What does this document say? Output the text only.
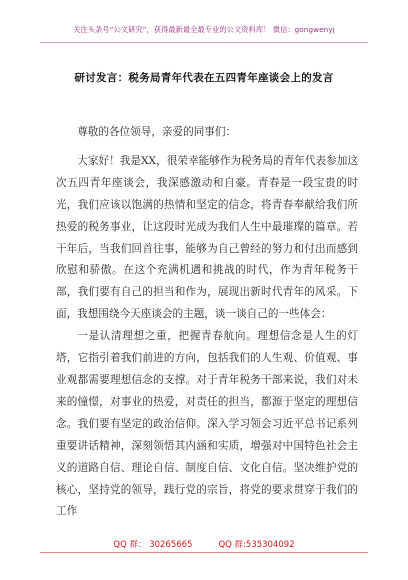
关注头条号“公文研究”，获得最新最全最专业的公文资料库！ 微信：gongwenyj
研讨发言：税务局青年代表在五四青年座谈会上的发言

尊敬的各位领导，亲爱的同事们：

大家好！我是XX，很荣幸能够作为税务局的青年代表参加这次五四青年座谈会，我深感激动和自豪。青春是一段宝贵的时光，我们应该以饱满的热情和坚定的信念，将青春奉献给我们所热爱的税务事业，让这段时光成为我们人生中最璀璨的篇章。若干年后，当我们回首往事，能够为自己曾经的努力和付出而感到欣慰和骄傲。在这个充满机遇和挑战的时代，作为青年税务干部，我们要有自己的担当和作为，展现出新时代青年的风采。下面，我想围绕今天座谈会的主题，谈一谈自己的一些体会：

一是认清理想之重，把握青春航向。理想信念是人生的灯塔，它指引着我们前进的方向，包括我们的人生观、价值观、事业观都需要理想信念的支撑。对于青年税务干部来说，我们对未来的憧憬，对事业的热爱，对责任的担当，都源于坚定的理想信念。我们要有坚定的政治信仰。深入学习领会习近平总书记系列重要讲话精神，深刻领悟其内涵和实质，增强对中国特色社会主义的道路自信、理论自信、制度自信、文化自信。坚决维护党的核心，坚持党的领导，践行党的宗旨，将党的要求贯穿于我们的工作

QQ 群： 30265665	QQ 群:535304092
